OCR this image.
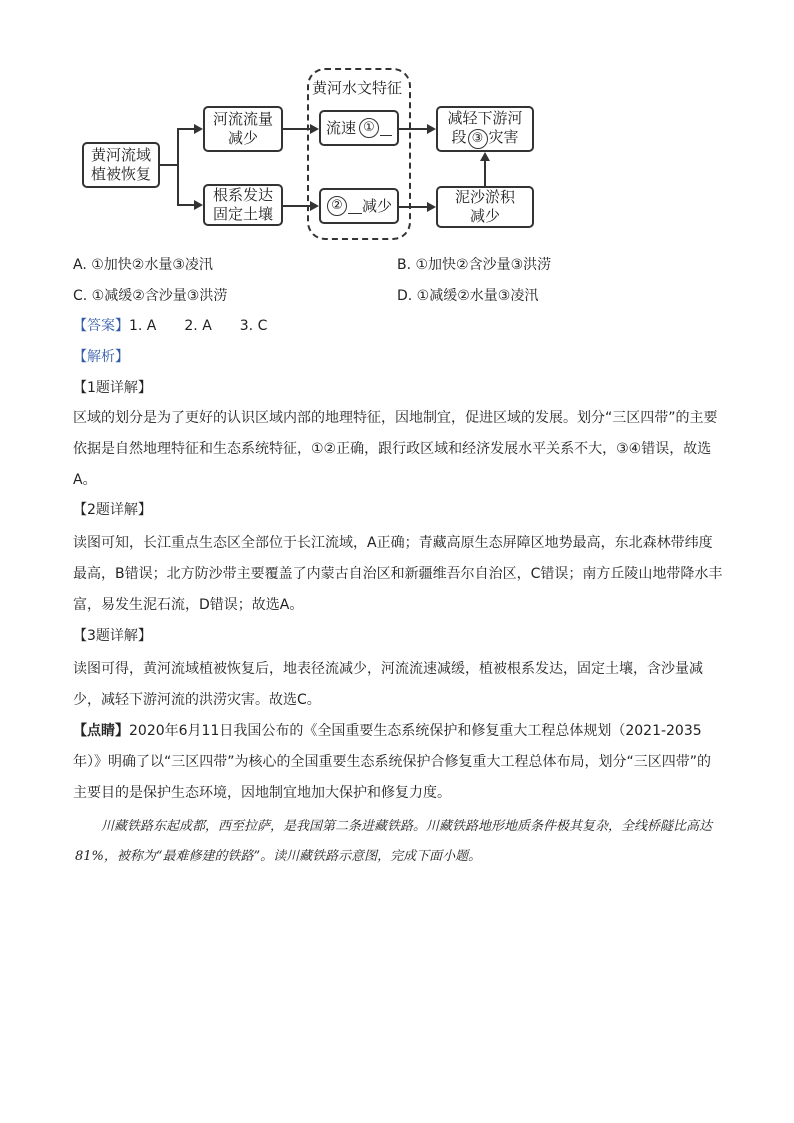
黄河水文特征
黄河流域
植被恢复
河流流量
减少
根系发达
固定土壤
流速 ①
② 减少
减轻下游河
段 ③ 灾害
泥沙淤积
减少
A. ①加快②水量③凌汛	B. ①加快②含沙量③洪涝
C. ①减缓②含沙量③洪涝	D. ①减缓②水量③凌汛
【答案】1. A　　2. A　　3. C
【解析】
【1题详解】
区域的划分是为了更好的认识区域内部的地理特征，因地制宜，促进区域的发展。划分“三区四带”的主要依据是自然地理特征和生态系统特征，①②正确，跟行政区域和经济发展水平关系不大，③④错误，故选A。
【2题详解】
读图可知，长江重点生态区全部位于长江流域，A正确；青藏高原生态屏障区地势最高，东北森林带纬度最高，B错误；北方防沙带主要覆盖了内蒙古自治区和新疆维吾尔自治区，C错误；南方丘陵山地带降水丰富，易发生泥石流，D错误；故选A。
【3题详解】
读图可得，黄河流域植被恢复后，地表径流减少，河流流速减缓，植被根系发达，固定土壤，含沙量减少，减轻下游河流的洪涝灾害。故选C。
【点睛】2020年6月11日我国公布的《全国重要生态系统保护和修复重大工程总体规划（2021-2035年）》明确了以“三区四带”为核心的全国重要生态系统保护合修复重大工程总体布局，划分“三区四带”的主要目的是保护生态环境，因地制宜地加大保护和修复力度。
川藏铁路东起成都，西至拉萨，是我国第二条进藏铁路。川藏铁路地形地质条件极其复杂，全线桥隧比高达81%，被称为“最难修建的铁路”。读川藏铁路示意图，完成下面小题。
